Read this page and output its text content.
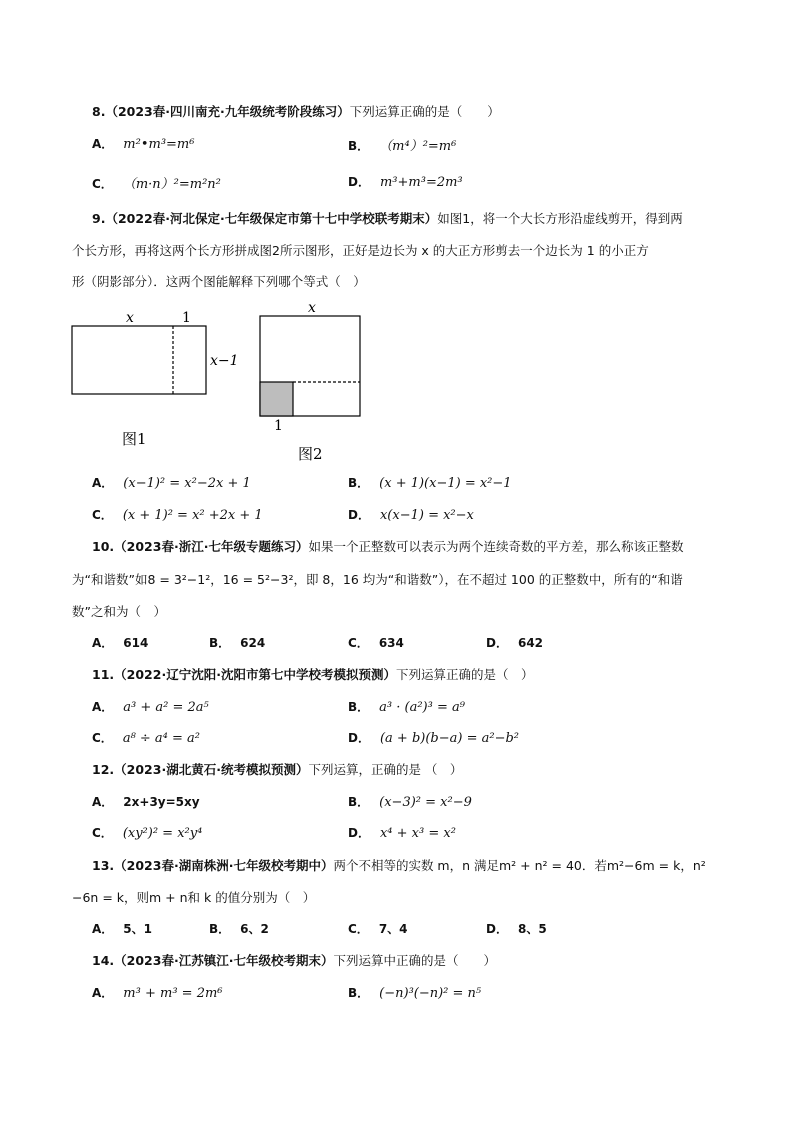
8.（2023春·四川南充·九年级统考阶段练习）下列运算正确的是（　　）
A． m²•m³=m⁶	B． （m⁴）²=m⁶
C． （m·n）²=m²n²	D． m³+m³=2m³
9.（2022春·河北保定·七年级保定市第十七中学校联考期末）如图1，将一个大长方形沿虚线剪开，得到两
个长方形，再将这两个长方形拼成图2所示图形，正好是边长为 x 的大正方形剪去一个边长为 1 的小正方
形（阴影部分）．这两个图能解释下列哪个等式（　）
x	1
x−1
图1
x
1
图2
A． (x−1)² = x²−2x + 1	B． (x + 1)(x−1) = x²−1
C． (x + 1)² = x² +2x + 1	D． x(x−1) = x²−x
10.（2023春·浙江·七年级专题练习）如果一个正整数可以表示为两个连续奇数的平方差，那么称该正整数
为“和谐数”如8 = 3²−1²，16 = 5²−3²，即 8，16 均为“和谐数”），在不超过 100 的正整数中，所有的“和谐
数”之和为（　）
A． 614	B． 624	C． 634	D． 642
11.（2022·辽宁沈阳·沈阳市第七中学校考模拟预测）下列运算正确的是（　）
A． a³ + a² = 2a⁵	B． a³ · (a²)³ = a⁹
C． a⁸ ÷ a⁴ = a²	D． (a + b)(b−a) = a²−b²
12.（2023·湖北黄石·统考模拟预测）下列运算，正确的是 （　）
A． 2x+3y=5xy	B． (x−3)² = x²−9
C． (xy²)² = x²y⁴	D． x⁴ + x³ = x²
13.（2023春·湖南株洲·七年级校考期中）两个不相等的实数 m，n 满足m² + n² = 40．若m²−6m = k，n²
−6n = k，则m + n和 k 的值分别为（　）
A． 5、1	B． 6、2	C． 7、4	D． 8、5
14.（2023春·江苏镇江·七年级校考期末）下列运算中正确的是（　　）
A． m³ + m³ = 2m⁶	B． (−n)³(−n)² = n⁵
